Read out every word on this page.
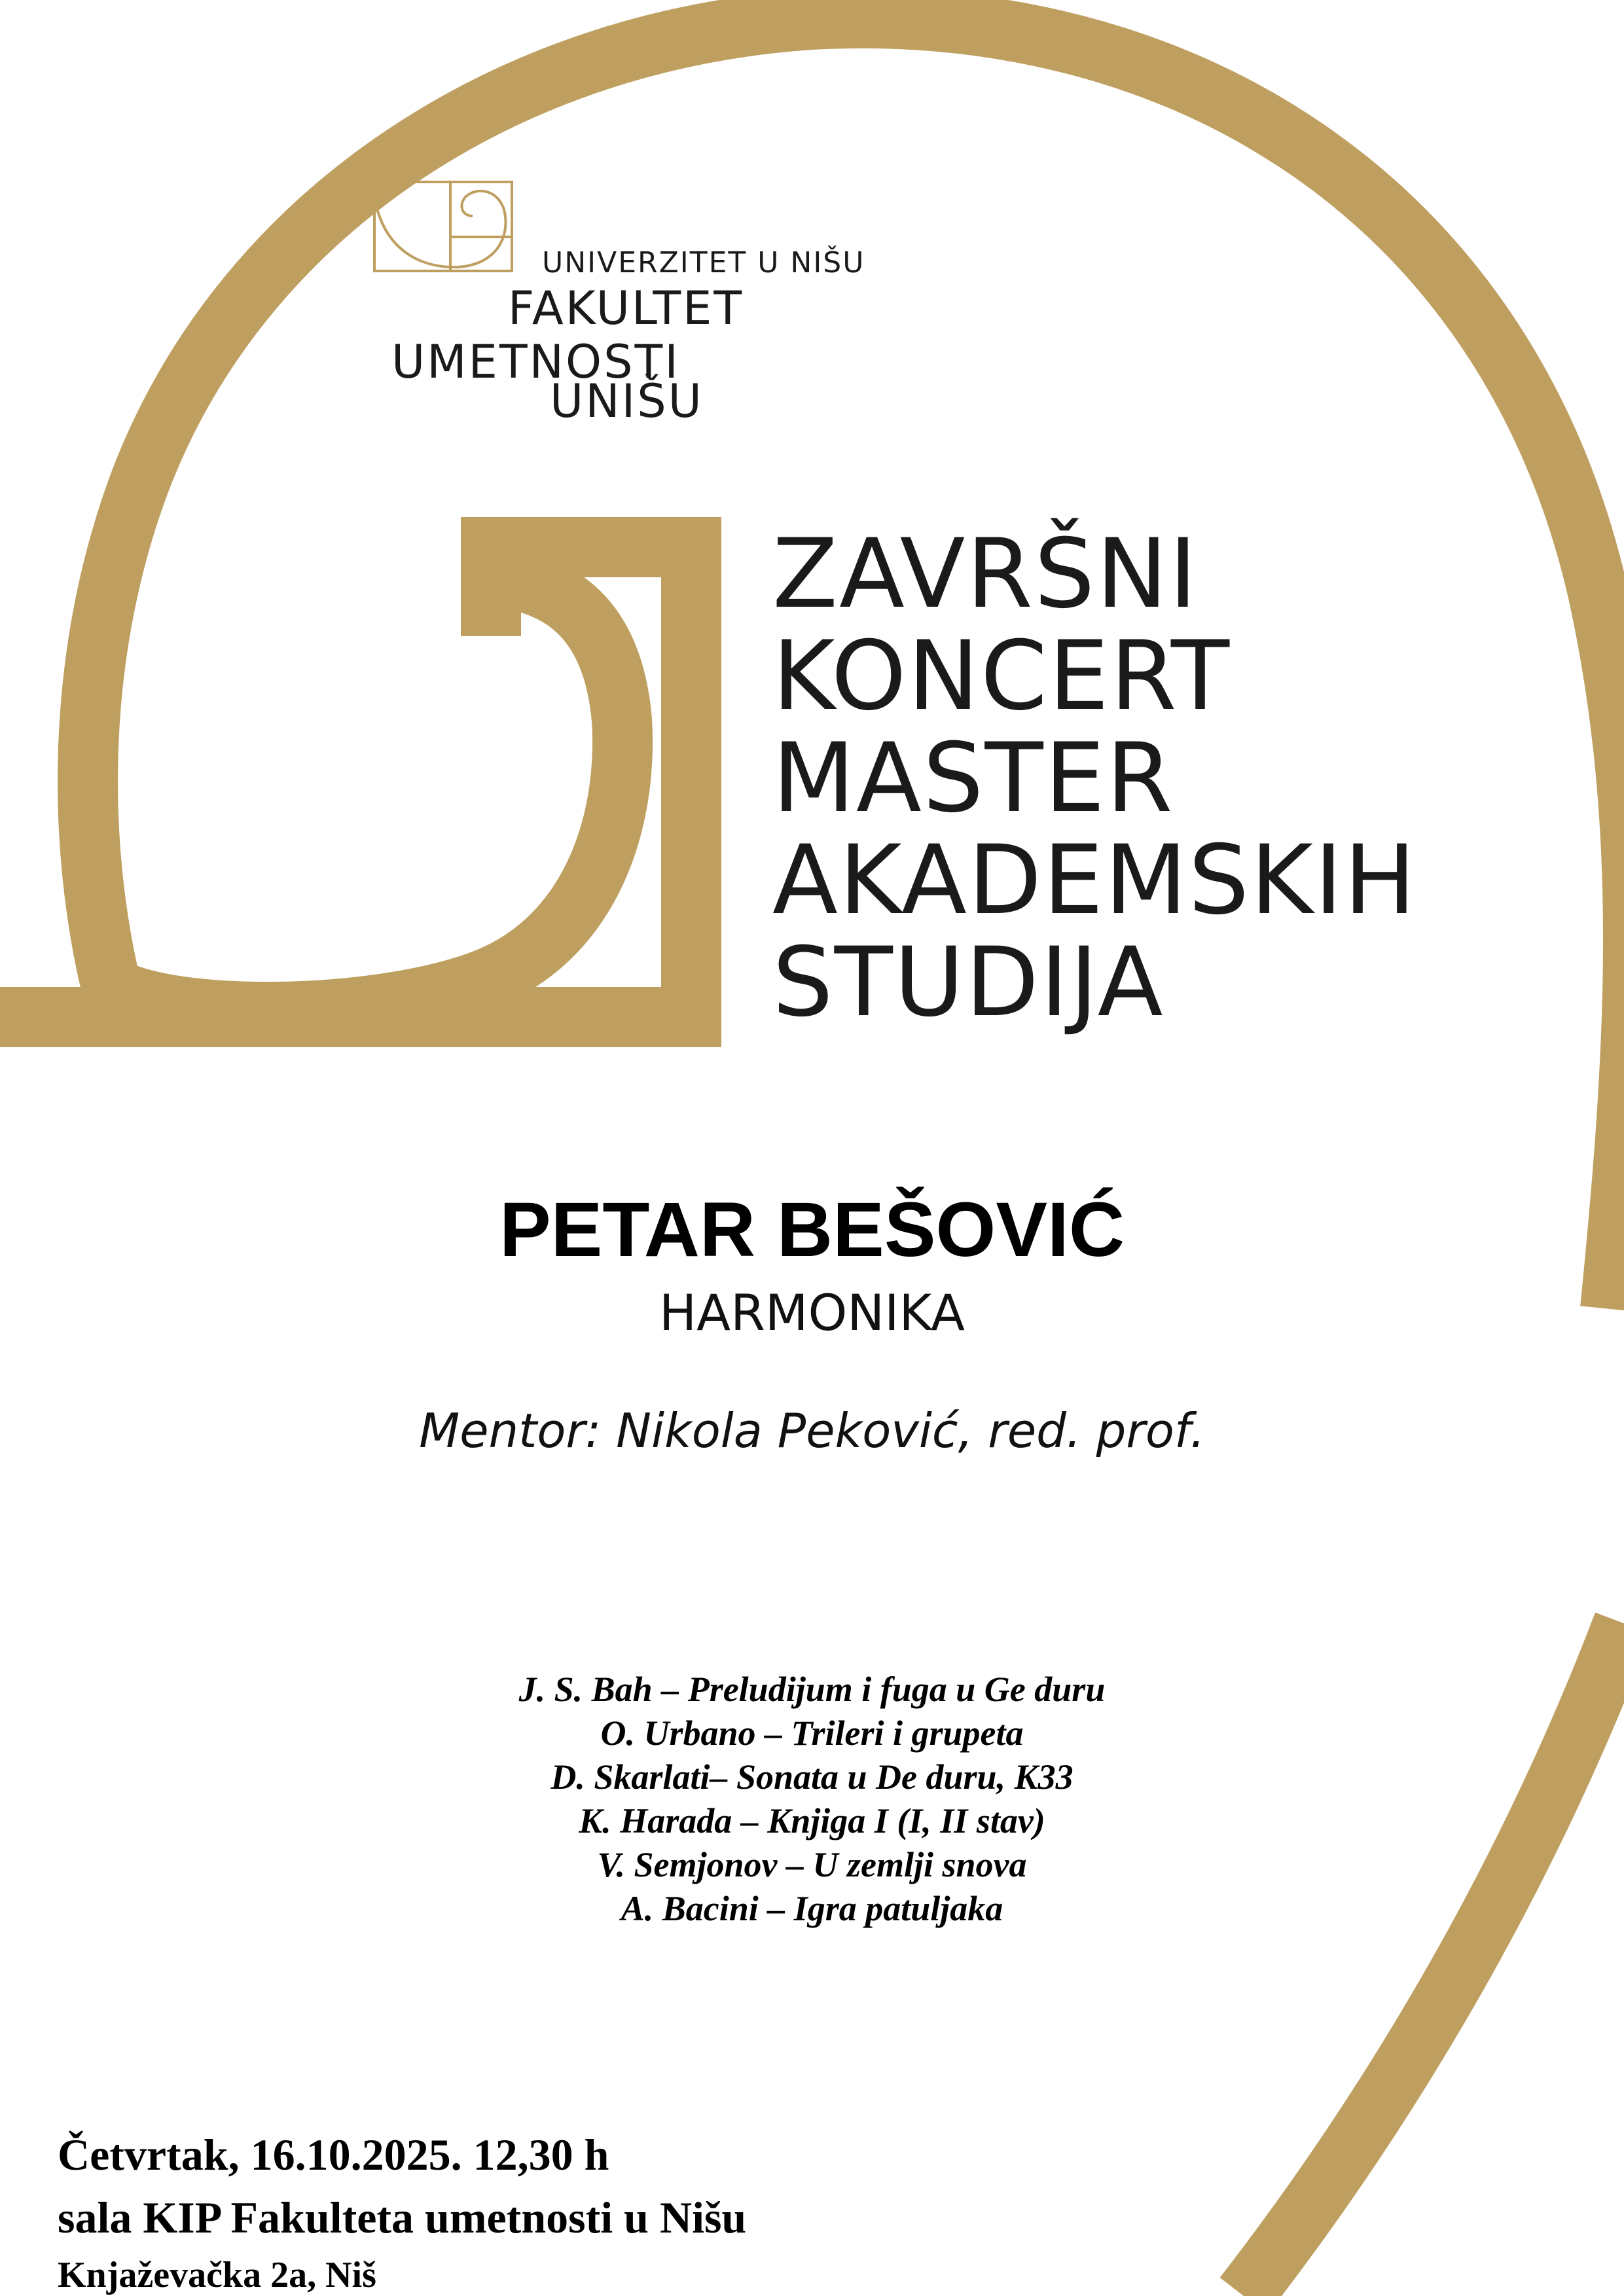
UNIVERZITET U NIŠU
FAKULTET
UMETNOSTI
UNIŠU
ZAVRŠNI
KONCERT
MASTER
AKADEMSKIH
STUDIJA
PETAR BEŠOVIĆ
HARMONIKA
Mentor: Nikola Peković, red. prof.
J. S. Bah – Preludijum i fuga u Ge duru
O. Urbano – Trileri i grupeta
D. Skarlati– Sonata u De duru, K33
K. Harada – Knjiga I (I, II stav)
V. Semjonov – U zemlji snova
A. Bacini – Igra patuljaka
Četvrtak, 16.10.2025. 12,30 h
sala KIP Fakulteta umetnosti u Nišu
Knjaževačka 2a, Niš
